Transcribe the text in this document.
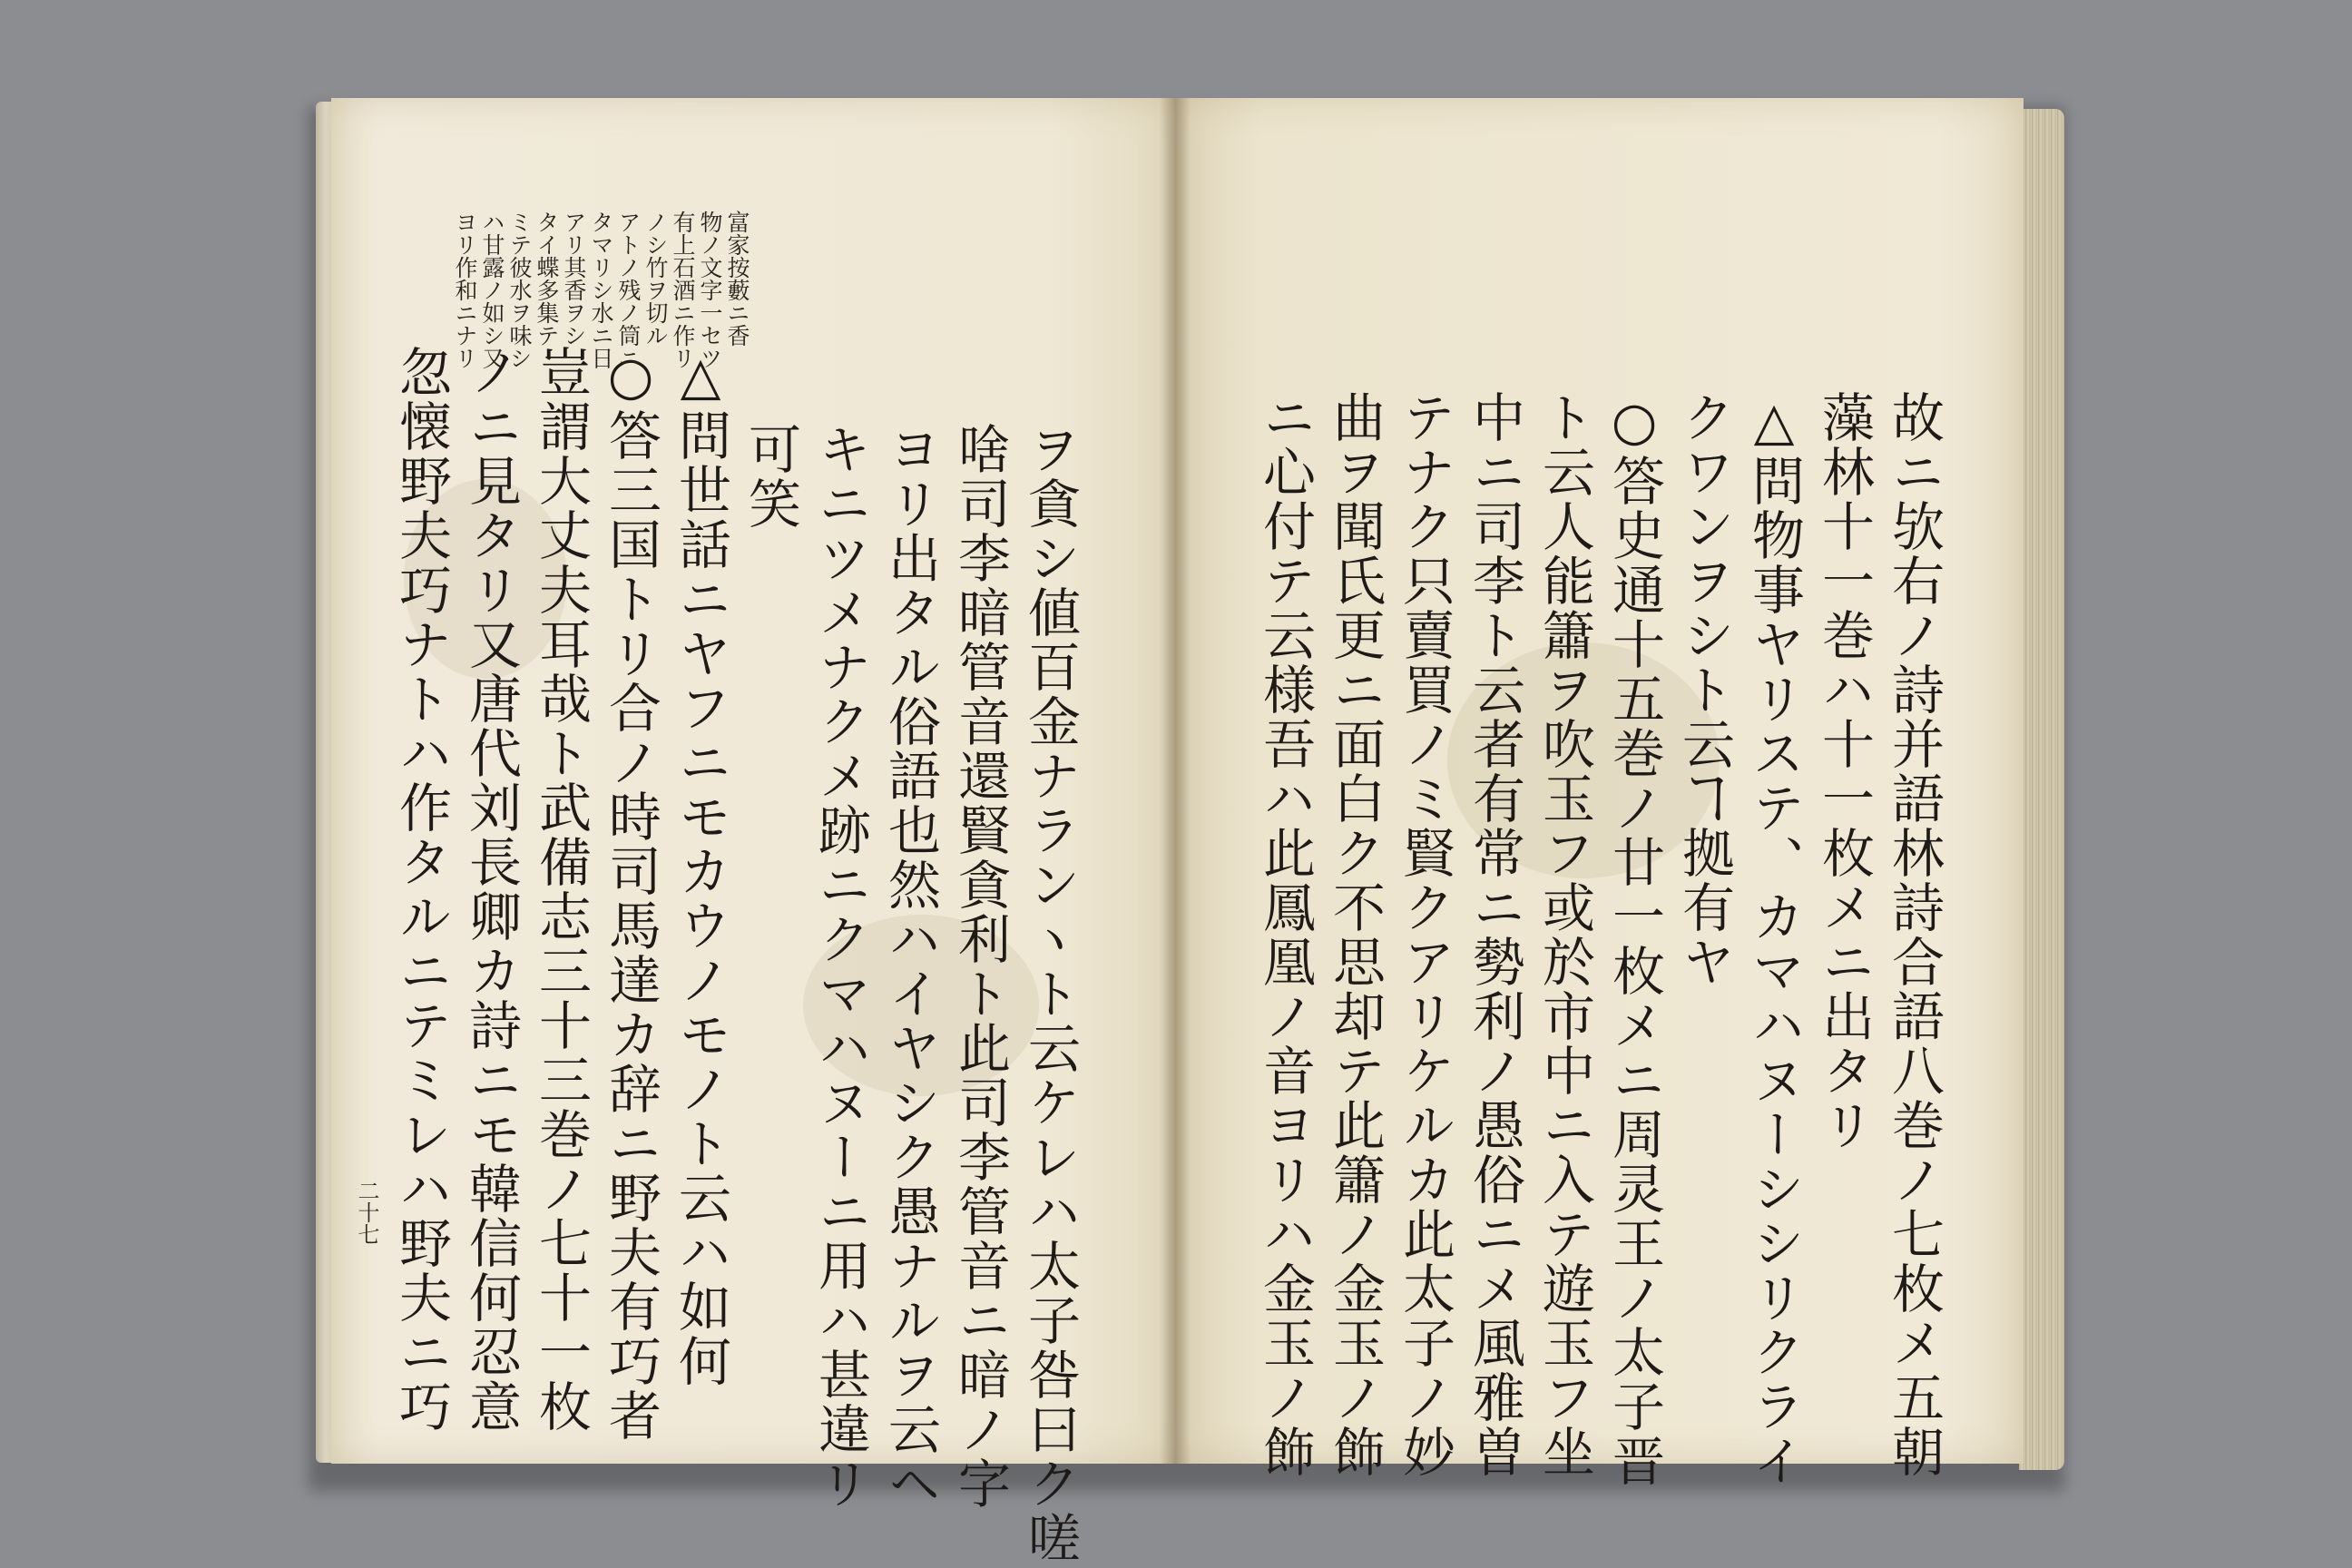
故ニ欤右ノ詩并語林詩合語八巻ノ七枚メ五朝
藻林十一巻ハ十一枚メニ出タリ
△問物事ヤリステ、カマハヌーシシリクライ
クワンヲシト云ヿ拠有ヤ
○答史通十五巻ノ廿一枚メニ周灵王ノ太子晋
ト云人能簫ヲ吹玉フ或於市中ニ入テ遊玉フ坐
中ニ司李ト云者有常ニ勢利ノ愚俗ニメ風雅曽
テナク只賣買ノミ賢クアリケルカ此太子ノ妙
曲ヲ聞氏更ニ面白ク不思却テ此簫ノ金玉ノ飾
ニ心付テ云様吾ハ此鳳凰ノ音ヨリハ金玉ノ飾
ヲ貪シ値百金ナランヽト云ケレハ太子咎曰ク嗟
啥司李暗管音還賢貪利ト此司李管音ニ暗ノ字
ヨリ出タル俗語也然ハイヤシク愚ナルヲ云ヘ
キニツメナクメ跡ニクマハヌーニ用ハ甚違リ
可笑
△問世話ニヤフニモカウノモノト云ハ如何
○答三国トリ合ノ時司馬達カ辞ニ野夫有巧者
豈謂大丈夫耳哉ト武備志三十三巻ノ七十一枚
ノニ見タリ又唐代刘長卿カ詩ニモ韓信何忍意
忽懐野夫巧ナトハ作タルニテミレハ野夫ニ巧
富家按藪ニ香
物ノ文字一セツ
有上石酒ニ作リ
ノシ竹ヲ切ル
アトノ残ノ筒ニ
タマリシ水ニ日
アリ其香ヲシ
タイ蝶多集テ
ミテ彼水ヲ味シ
ハ甘露ノ如シ又
ヨリ作和ニナリ
二十七
